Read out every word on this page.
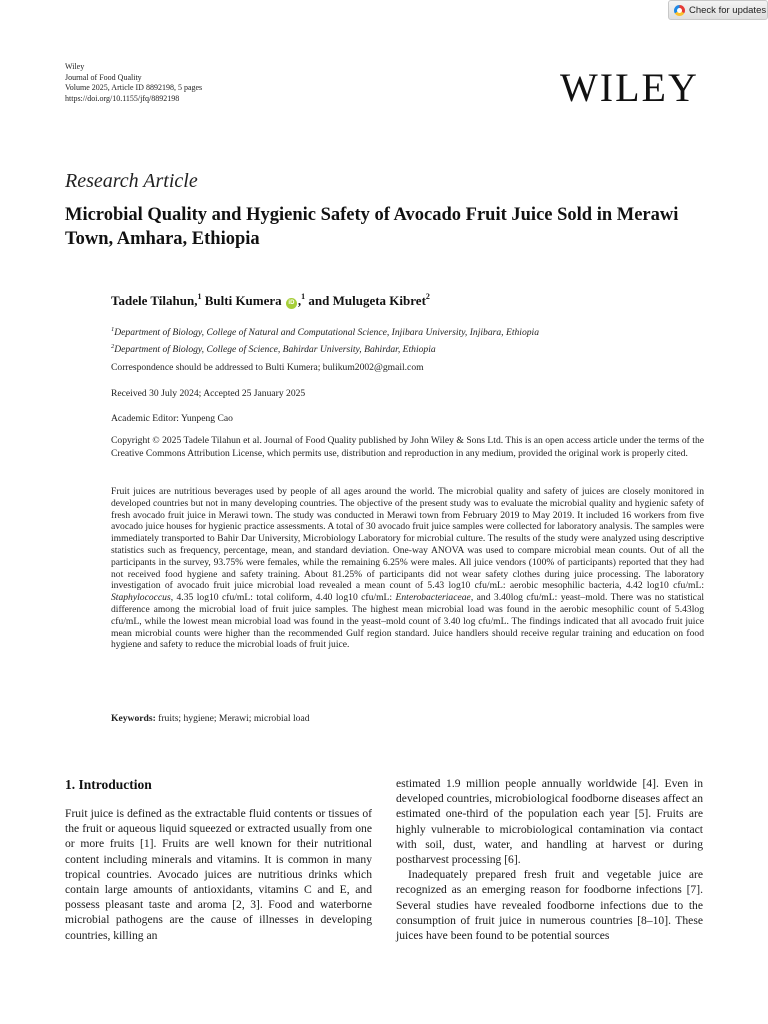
Check for updates
Wiley
Journal of Food Quality
Volume 2025, Article ID 8892198, 5 pages
https://doi.org/10.1155/jfq/8892198	WILEY
Research Article
Microbial Quality and Hygienic Safety of Avocado Fruit Juice Sold in Merawi Town, Amhara, Ethiopia
Tadele Tilahun,$^1$ Bulti Kumera iD ,$^1$ and Mulugeta Kibret$^2$
$^1$Department of Biology, College of Natural and Computational Science, Injibara University, Injibara, Ethiopia
$^2$Department of Biology, College of Science, Bahirdar University, Bahirdar, Ethiopia
Correspondence should be addressed to Bulti Kumera; bulikum2002@gmail.com
Received 30 July 2024; Accepted 25 January 2025
Academic Editor: Yunpeng Cao
Copyright © 2025 Tadele Tilahun et al. Journal of Food Quality published by John Wiley & Sons Ltd. This is an open access article under the terms of the Creative Commons Attribution License, which permits use, distribution and reproduction in any medium, provided the original work is properly cited.
Fruit juices are nutritious beverages used by people of all ages around the world. The microbial quality and safety of juices are closely monitored in developed countries but not in many developing countries. The objective of the present study was to evaluate the microbial quality and hygienic safety of fresh avocado fruit juice in Merawi town. The study was conducted in Merawi town from February 2019 to May 2019. It included 16 workers from five avocado juice houses for hygienic practice assessments. A total of 30 avocado fruit juice samples were collected for laboratory analysis. The samples were immediately transported to Bahir Dar University, Microbiology Laboratory for microbial culture. The results of the study were analyzed using descriptive statistics such as frequency, percentage, mean, and standard deviation. One-way ANOVA was used to compare microbial mean counts. Out of all the participants in the survey, 93.75% were females, while the remaining 6.25% were males. All juice vendors (100% of participants) reported that they had not received food hygiene and safety training. About 81.25% of participants did not wear safety clothes during juice processing. The laboratory investigation of avocado fruit juice microbial load revealed a mean count of 5.43 log10 cfu/mL: aerobic mesophilic bacteria, 4.42 log10 cfu/mL: Staphylococcus, 4.35 log10 cfu/mL: total coliform, 4.40 log10 cfu/mL: Enterobacteriaceae, and 3.40log cfu/mL: yeast–mold. There was no statistical difference among the microbial load of fruit juice samples. The highest mean microbial load was found in the aerobic mesophilic count of 5.43log cfu/mL, while the lowest mean microbial load was found in the yeast–mold count of 3.40 log cfu/mL. The findings indicated that all avocado fruit juice mean microbial counts were higher than the recommended Gulf region standard. Juice handlers should receive regular training and education on food hygiene and safety to reduce the microbial loads of fruit juice.
Keywords: fruits; hygiene; Merawi; microbial load
1. Introduction
Fruit juice is defined as the extractable fluid contents or tissues of the fruit or aqueous liquid squeezed or extracted usually from one or more fruits [1]. Fruits are well known for their nutritional content including minerals and vitamins. It is common in many tropical countries. Avocado juices are nutritious drinks which contain large amounts of antioxidants, vitamins C and E, and possess pleasant taste and aroma [2, 3]. Food and waterborne microbial pathogens are the cause of illnesses in developing countries, killing an
estimated 1.9 million people annually worldwide [4]. Even in developed countries, microbiological foodborne diseases affect an estimated one-third of the population each year [5]. Fruits are highly vulnerable to microbiological contamination via contact with soil, dust, water, and handling at harvest or during postharvest processing [6].
Inadequately prepared fresh fruit and vegetable juice are recognized as an emerging reason for foodborne infections [7]. Several studies have revealed foodborne infections due to the consumption of fruit juice in numerous countries [8–10]. These juices have been found to be potential sources
